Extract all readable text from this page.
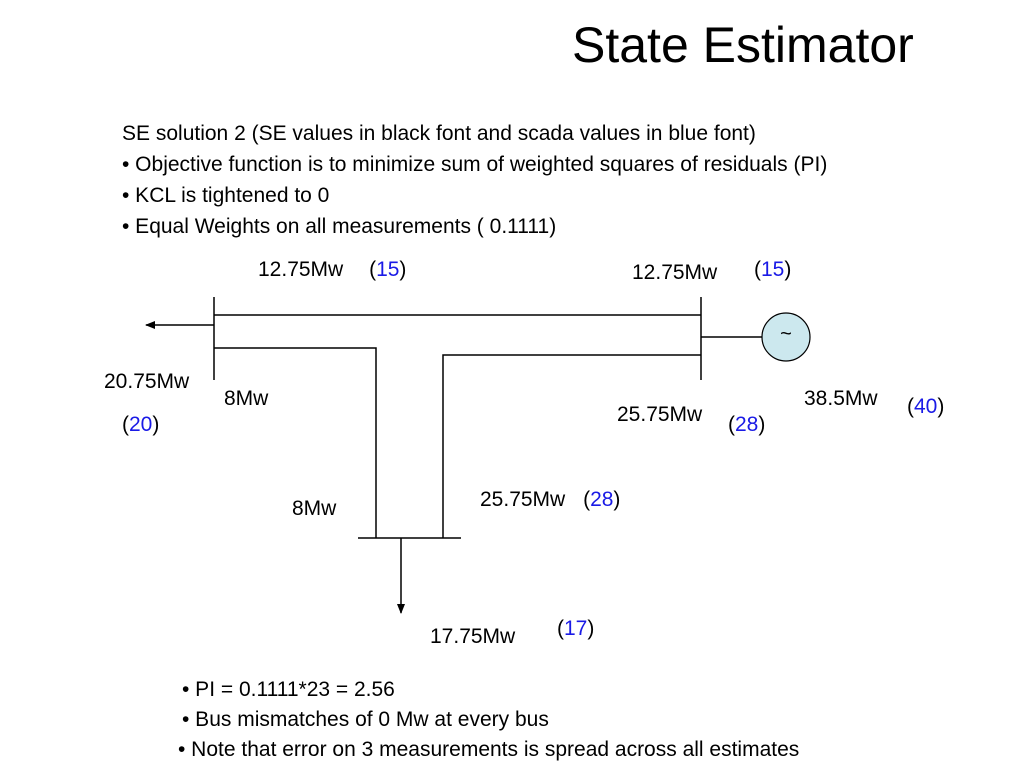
State Estimator
SE solution 2 (SE values in black font and scada values in blue font)
• Objective function is to minimize sum of weighted squares of residuals (PI)
• KCL is tightened to 0
• Equal Weights on all measurements ( 0.1111)
~
12.75Mw (15)	12.75Mw (15)
20.75Mw
(20)
8Mw
25.75Mw (28)
38.5Mw (40)
8Mw	25.75Mw (28)
17.75Mw (17)
• PI = 0.1111*23 = 2.56
• Bus mismatches of 0 Mw at every bus
• Note that error on 3 measurements is spread across all estimates
